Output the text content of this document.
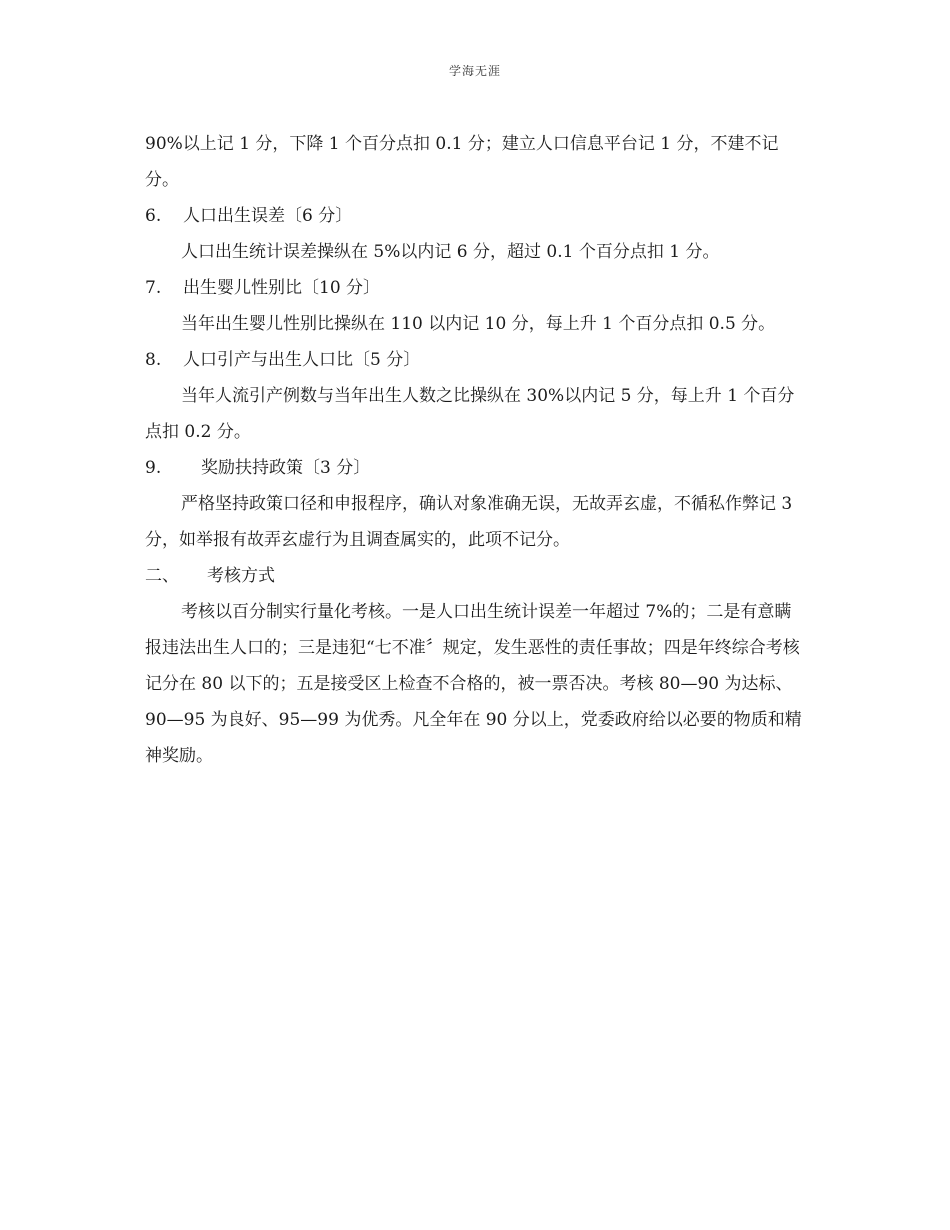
学海无涯

90%以上记 1 分，下降 1 个百分点扣 0.1 分；建立人口信息平台记 1 分，不建不记分。

6. 人口出生误差〔6 分〕

人口出生统计误差操纵在 5%以内记 6 分，超过 0.1 个百分点扣 1 分。

7. 出生婴儿性别比〔10 分〕

当年出生婴儿性别比操纵在 110 以内记 10 分，每上升 1 个百分点扣 0.5 分。

8. 人口引产与出生人口比〔5 分〕

当年人流引产例数与当年出生人数之比操纵在 30%以内记 5 分，每上升 1 个百分点扣 0.2 分。

9. 奖励扶持政策〔3 分〕

严格坚持政策口径和申报程序，确认对象准确无误，无故弄玄虚，不循私作弊记 3 分，如举报有故弄玄虚行为且调查属实的，此项不记分。

二、 考核方式

考核以百分制实行量化考核。一是人口出生统计误差一年超过 7%的；二是有意瞒报违法出生人口的；三是违犯“七不准〞规定，发生恶性的责任事故；四是年终综合考核记分在 80 以下的；五是接受区上检查不合格的，被一票否决。考核 80—90 为达标、90—95 为良好、95—99 为优秀。凡全年在 90 分以上，党委政府给以必要的物质和精神奖励。
